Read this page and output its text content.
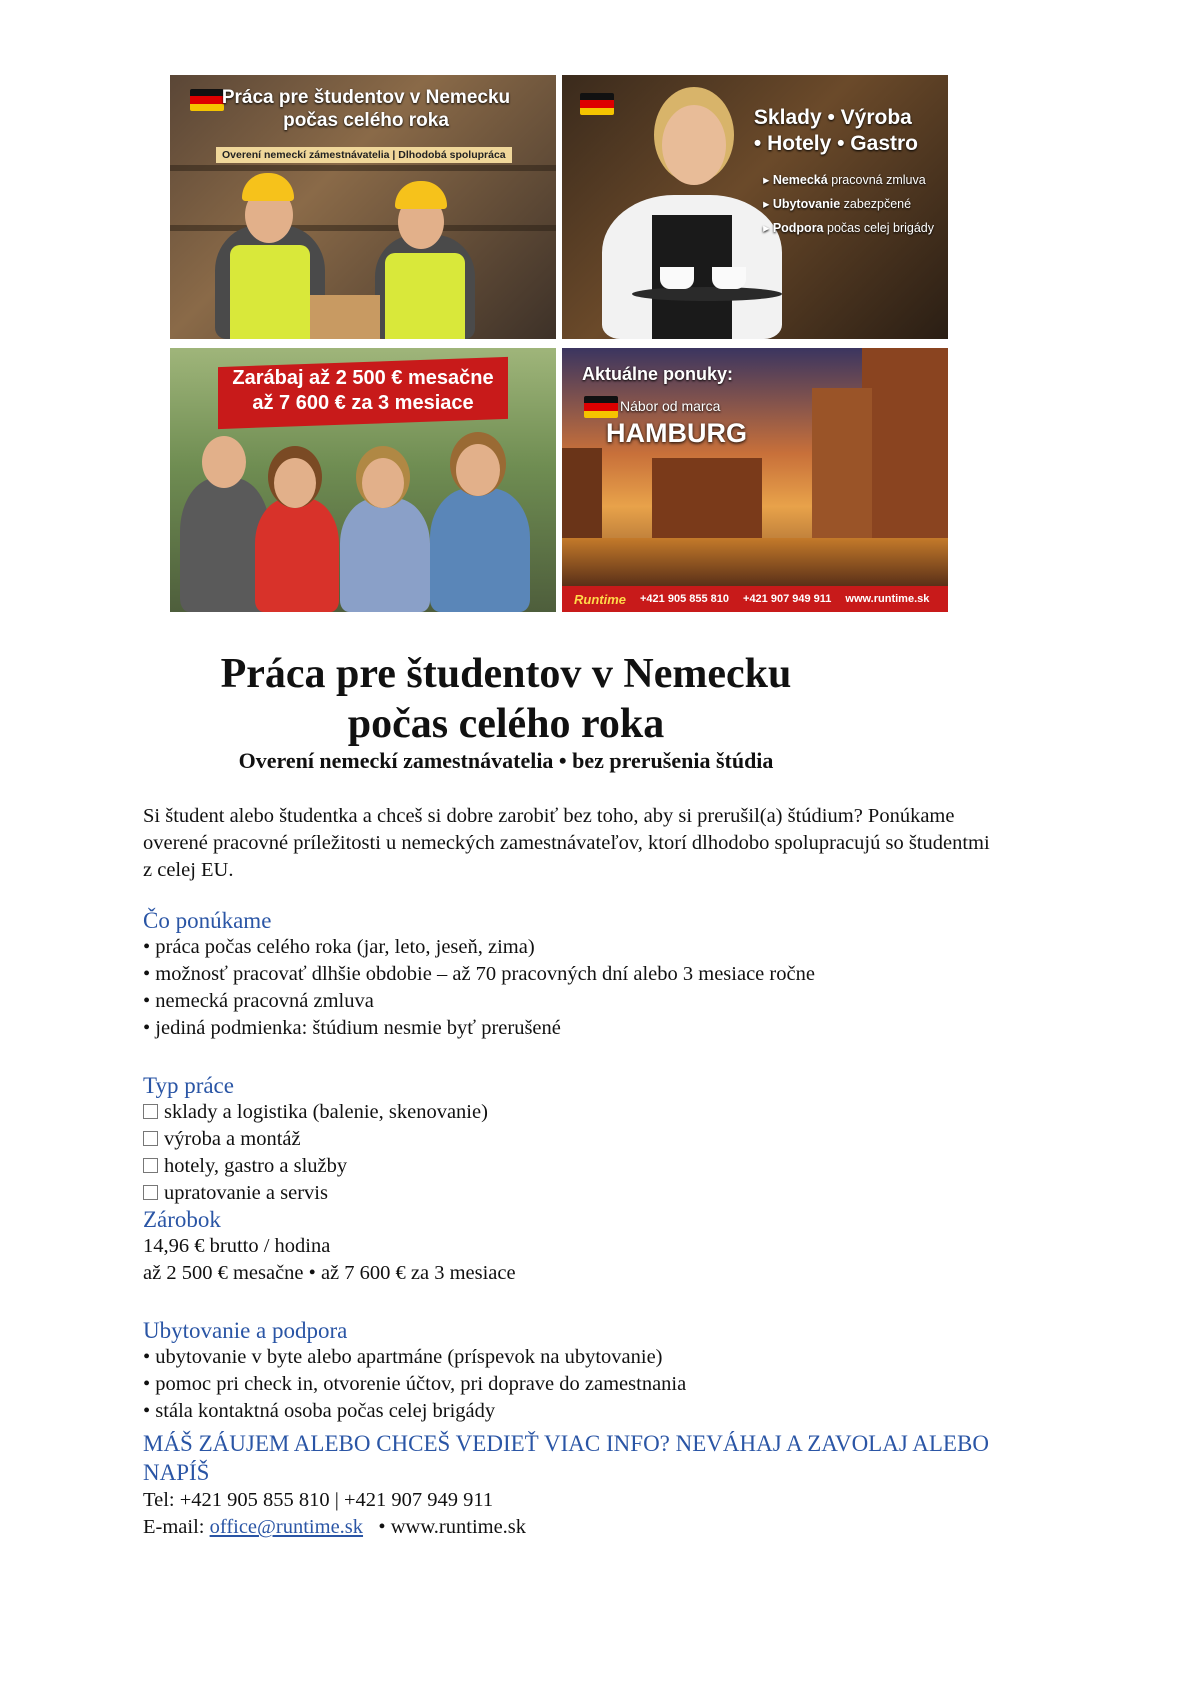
Práca pre študentov v Nemecku
počas celého roka
Overení nemeckí zámestnávatelia | Dlhodobá spolupráca
Sklady • Výroba
• Hotely • Gastro
▸ Nemecká pracovná zmluva
▸ Ubytovanie zabezpčené
▸ Podpora počas celej brigády
Zarábaj až 2 500 € mesačne
až 7 600 € za 3 mesiace
Aktuálne ponuky:
Nábor od marca
HAMBURG
Runtime +421 905 855 810 +421 907 949 911 www.runtime.sk
Práca pre študentov v Nemecku
počas celého roka
Overení nemeckí zamestnávatelia • bez prerušenia štúdia
Si študent alebo študentka a chceš si dobre zarobiť bez toho, aby si prerušil(a) štúdium? Ponúkame overené pracovné príležitosti u nemeckých zamestnávateľov, ktorí dlhodobo spolupracujú so študentmi z celej EU.
Čo ponúkame
• práca počas celého roka (jar, leto, jeseň, zima)
• možnosť pracovať dlhšie obdobie – až 70 pracovných dní alebo 3 mesiace ročne
• nemecká pracovná zmluva
• jediná podmienka: štúdium nesmie byť prerušené
Typ práce
sklady a logistika (balenie, skenovanie)
výroba a montáž
hotely, gastro a služby
upratovanie a servis
Zárobok
14,96 € brutto / hodina
až 2 500 € mesačne • až 7 600 € za 3 mesiace
Ubytovanie a podpora
• ubytovanie v byte alebo apartmáne (príspevok na ubytovanie)
• pomoc pri check in, otvorenie účtov, pri doprave do zamestnania
• stála kontaktná osoba počas celej brigády
MÁŠ ZÁUJEM ALEBO CHCEŠ VEDIEŤ VIAC INFO? NEVÁHAJ A ZAVOLAJ ALEBO NAPÍŠ
Tel: +421 905 855 810 | +421 907 949 911
E-mail: office@runtime.sk   • www.runtime.sk
